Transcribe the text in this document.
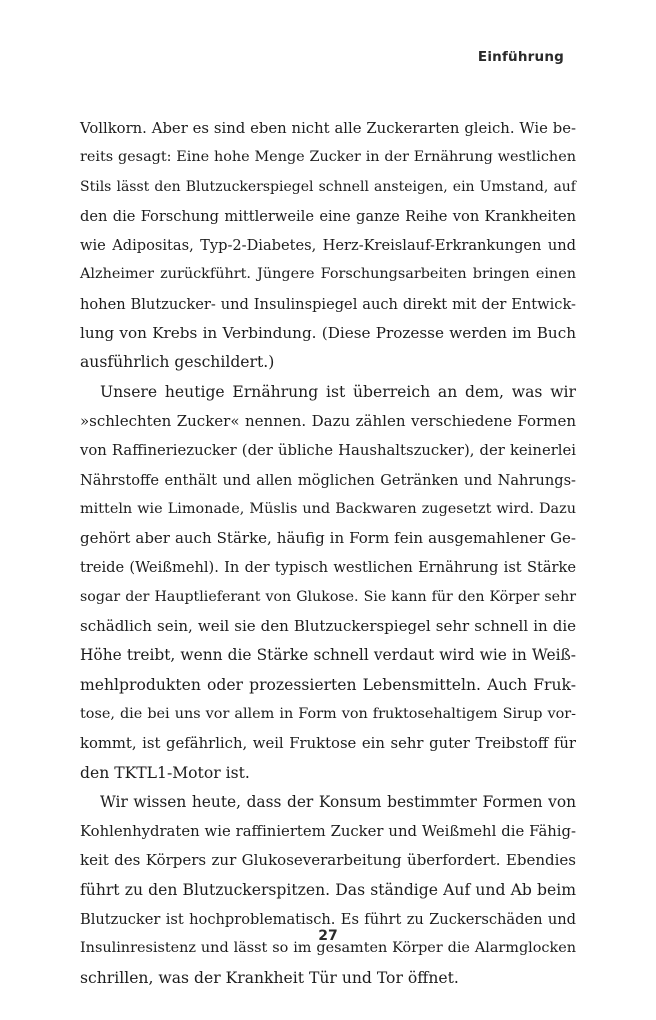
Einführung
Vollkorn. Aber es sind eben nicht alle Zuckerarten gleich. Wie be-
reits gesagt: Eine hohe Menge Zucker in der Ernährung westlichen
Stils lässt den Blutzuckerspiegel schnell ansteigen, ein Umstand, auf
den die Forschung mittlerweile eine ganze Reihe von Krankheiten
wie Adipositas, Typ-2-Diabetes, Herz-Kreislauf-Erkrankungen und
Alzheimer zurückführt. Jüngere Forschungsarbeiten bringen einen
hohen Blutzucker- und Insulinspiegel auch direkt mit der Entwick-
lung von Krebs in Verbindung. (Diese Prozesse werden im Buch
ausführlich geschildert.)
Unsere heutige Ernährung ist überreich an dem, was wir
»schlechten Zucker« nennen. Dazu zählen verschiedene Formen
von Raffineriezucker (der übliche Haushaltszucker), der keinerlei
Nährstoffe enthält und allen möglichen Getränken und Nahrungs-
mitteln wie Limonade, Müslis und Backwaren zugesetzt wird. Dazu
gehört aber auch Stärke, häufig in Form fein ausgemahlener Ge-
treide (Weißmehl). In der typisch westlichen Ernährung ist Stärke
sogar der Hauptlieferant von Glukose. Sie kann für den Körper sehr
schädlich sein, weil sie den Blutzuckerspiegel sehr schnell in die
Höhe treibt, wenn die Stärke schnell verdaut wird wie in Weiß-
mehlprodukten oder prozessierten Lebensmitteln. Auch Fruk-
tose, die bei uns vor allem in Form von fruktosehaltigem Sirup vor-
kommt, ist gefährlich, weil Fruktose ein sehr guter Treibstoff für
den TKTL1-Motor ist.
Wir wissen heute, dass der Konsum bestimmter Formen von
Kohlenhydraten wie raffiniertem Zucker und Weißmehl die Fähig-
keit des Körpers zur Glukoseverarbeitung überfordert. Ebendies
führt zu den Blutzuckerspitzen. Das ständige Auf und Ab beim
Blutzucker ist hochproblematisch. Es führt zu Zuckerschäden und
Insulinresistenz und lässt so im gesamten Körper die Alarmglocken
schrillen, was der Krankheit Tür und Tor öffnet.
27
